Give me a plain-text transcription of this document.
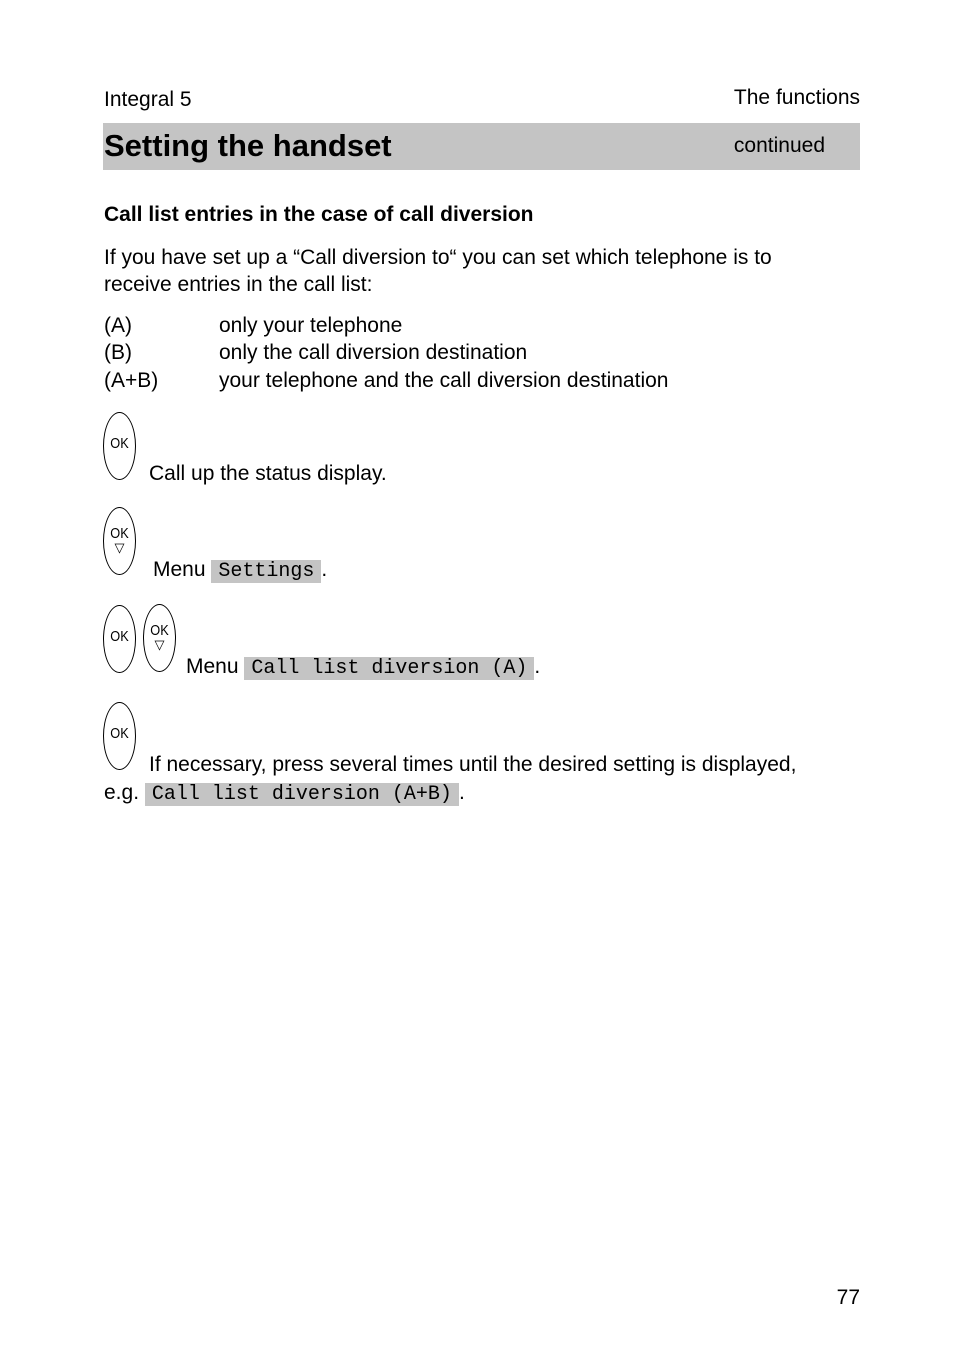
Integral 5	The functions
Setting the handset	continued
Call list entries in the case of call diversion
If you have set up a “Call diversion to“ you can set which telephone is to receive entries in the call list:
(A)	only your telephone
(B)	only the call diversion destination
(A+B)	your telephone and the call diversion destination
OK
Call up the status display.
OK
▽
Menu Settings .
OK OK
▽
Menu Call list diversion (A) .
OK
If necessary, press several times until the desired setting is displayed,
e.g. Call list diversion (A+B) .
77
